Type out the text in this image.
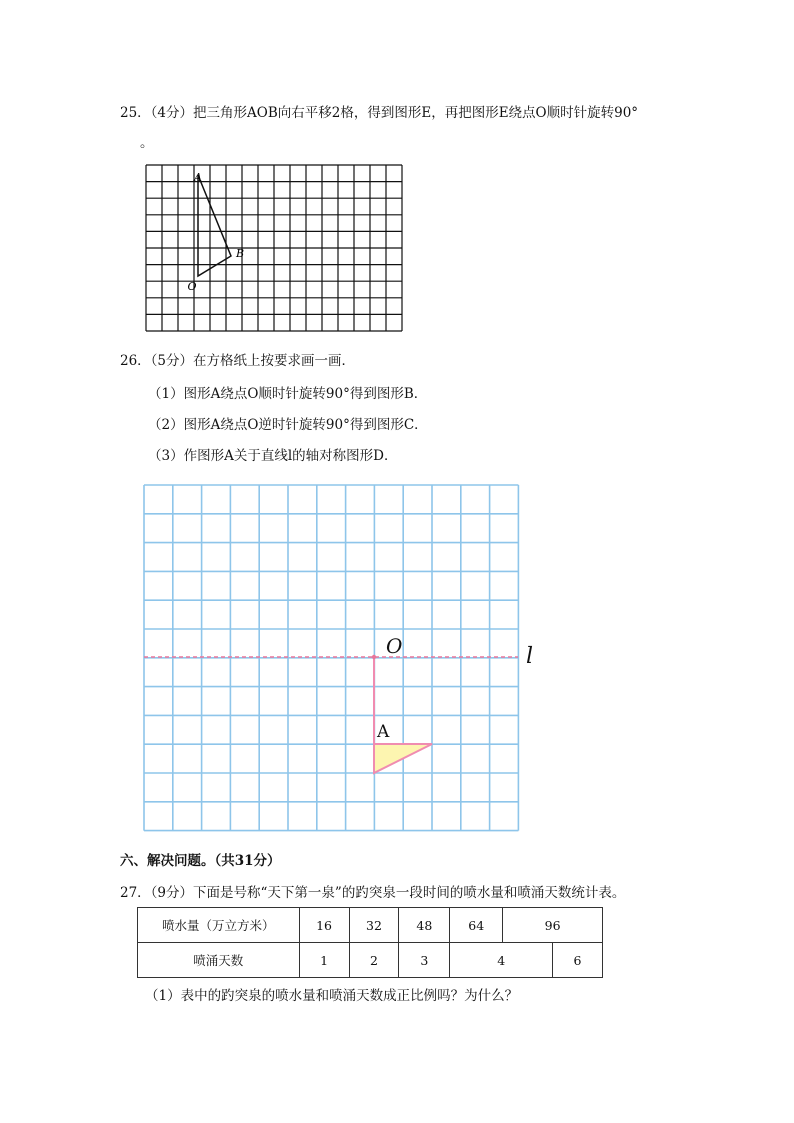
25．（4分）把三角形AOB向右平移2格，得到图形E，再把图形E绕点O顺时针旋转90°
。
A
B
O
26．（5分）在方格纸上按要求画一画．
（1）图形A绕点O顺时针旋转90°得到图形B．
（2）图形A绕点O逆时针旋转90°得到图形C．
（3）作图形A关于直线l的轴对称图形D．
O	l
A
六、解决问题。（共31分）
27．（9分）下面是号称“天下第一泉”的趵突泉一段时间的喷水量和喷涌天数统计表。
喷水量（万立方米）	16	32	48	64	96	
喷涌天数	1	2	3	4		6
（1）表中的趵突泉的喷水量和喷涌天数成正比例吗？为什么？
